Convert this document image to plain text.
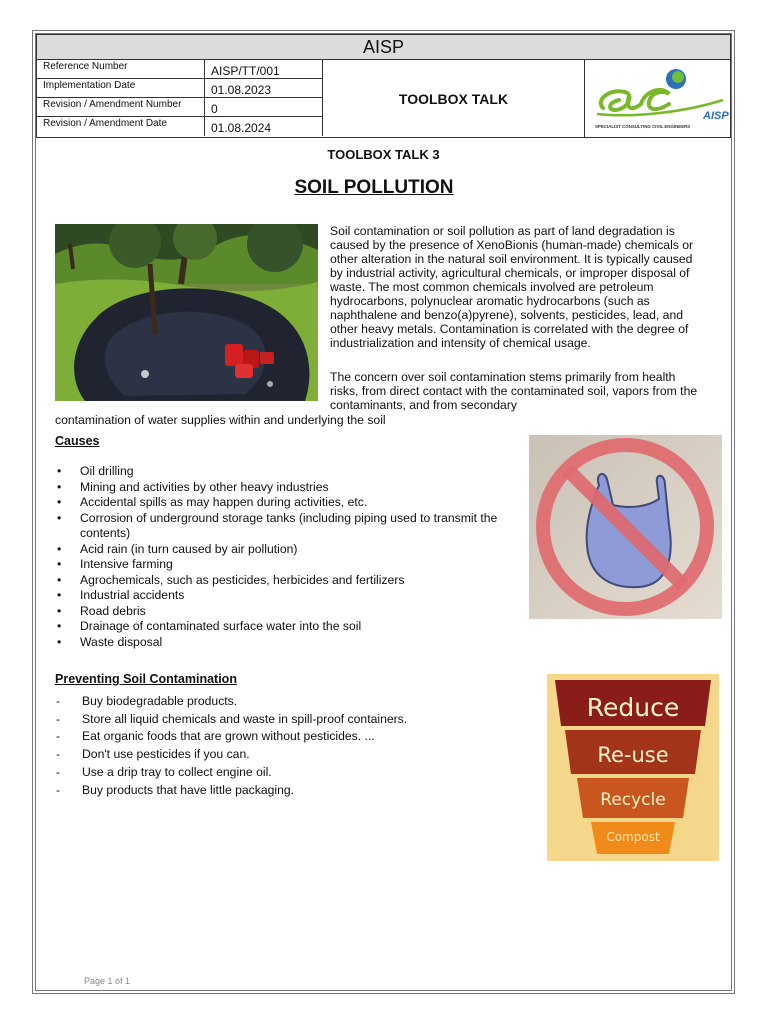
AISP
Reference Number	AISP/TT/001
Implementation Date	01.08.2023
Revision / Amendment Number	0
Revision / Amendment Date	01.08.2024
TOOLBOX TALK
AISP
SPECIALIST CONSULTING CIVIL ENGINEERS
TOOLBOX TALK 3
SOIL POLLUTION

Soil contamination or soil pollution as part of land degradation is caused by the presence of XenoBionis (human-made) chemicals or other alteration in the natural soil environment. It is typically caused by industrial activity, agricultural chemicals, or improper disposal of waste. The most common chemicals involved are petroleum hydrocarbons, polynuclear aromatic hydrocarbons (such as naphthalene and benzo(a)pyrene), solvents, pesticides, lead, and other heavy metals. Contamination is correlated with the degree of industrialization and intensity of chemical usage.

The concern over soil contamination stems primarily from health risks, from direct contact with the contaminated soil, vapors from the contaminants, and from secondary

contamination of water supplies within and underlying the soil

Causes
• Oil drilling
• Mining and activities by other heavy industries
• Accidental spills as may happen during activities, etc.
• Corrosion of underground storage tanks (including piping used to transmit the contents)
• Acid rain (in turn caused by air pollution)
• Intensive farming
• Agrochemicals, such as pesticides, herbicides and fertilizers
• Industrial accidents
• Road debris
• Drainage of contaminated surface water into the soil
• Waste disposal
Preventing Soil Contamination
- Buy biodegradable products.
- Store all liquid chemicals and waste in spill-proof containers.
- Eat organic foods that are grown without pesticides. ...
- Don't use pesticides if you can.
- Use a drip tray to collect engine oil.
- Buy products that have little packaging.
Reduce
Re-use
Recycle
Compost
Page 1 of 1
